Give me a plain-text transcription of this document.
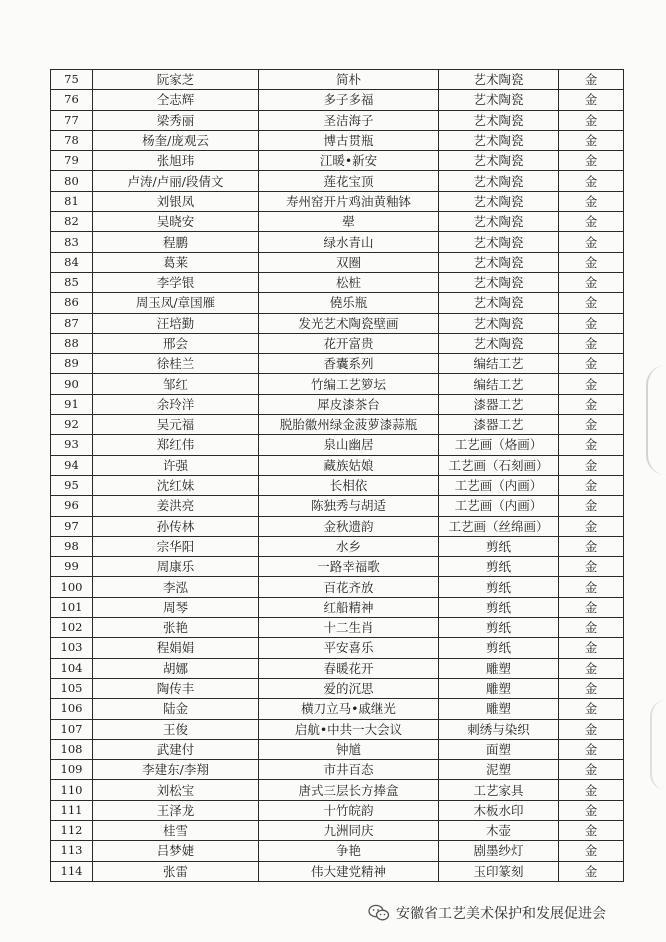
75	阮家芝	简朴	艺术陶瓷	金
76	仝志辉	多子多福	艺术陶瓷	金
77	梁秀丽	圣洁海子	艺术陶瓷	金
78	杨奎/庞观云	博古贯瓶	艺术陶瓷	金
79	张旭玮	江暖•新安	艺术陶瓷	金
80	卢涛/卢丽/段倩文	莲花宝顶	艺术陶瓷	金
81	刘银凤	寿州窑开片鸡油黄釉钵	艺术陶瓷	金
82	吴晓安	翚	艺术陶瓷	金
83	程鹏	绿水青山	艺术陶瓷	金
84	葛莱	双圈	艺术陶瓷	金
85	李学银	松桩	艺术陶瓷	金
86	周玉凤/章国雁	僥乐瓶	艺术陶瓷	金
87	汪培勤	发光艺术陶瓷壁画	艺术陶瓷	金
88	邢会	花开富贵	艺术陶瓷	金
89	徐桂兰	香囊系列	编结工艺	金
90	邹红	竹编工艺箩坛	编结工艺	金
91	余玲洋	犀皮漆茶台	漆器工艺	金
92	吴元福	脱胎徽州绿金菠萝漆蒜瓶	漆器工艺	金
93	郑红伟	泉山幽居	工艺画（烙画）	金
94	许强	藏族姑娘	工艺画（石刻画）	金
95	沈红妹	长相依	工艺画（内画）	金
96	姜洪亮	陈独秀与胡适	工艺画（内画）	金
97	孙传林	金秋遗韵	工艺画（丝绵画）	金
98	宗华阳	水乡	剪纸	金
99	周康乐	一路幸福歌	剪纸	金
100	李泓	百花齐放	剪纸	金
101	周琴	红船精神	剪纸	金
102	张艳	十二生肖	剪纸	金
103	程娟娟	平安喜乐	剪纸	金
104	胡娜	春暖花开	雕塑	金
105	陶传丰	爱的沉思	雕塑	金
106	陆金	横刀立马•戚继光	雕塑	金
107	王俊	启航•中共一大会议	刺绣与染织	金
108	武建付	钟馗	面塑	金
109	李建东/李翔	市井百态	泥塑	金
110	刘松宝	唐式三层长方捧盒	工艺家具	金
111	王泽龙	十竹皖韵	木板水印	金
112	桂雪	九洲同庆	木壶	金
113	吕梦婕	争艳	剧墨纱灯	金
114	张雷	伟大建党精神	玉印篆刻	金
安徽省工艺美术保护和发展促进会
